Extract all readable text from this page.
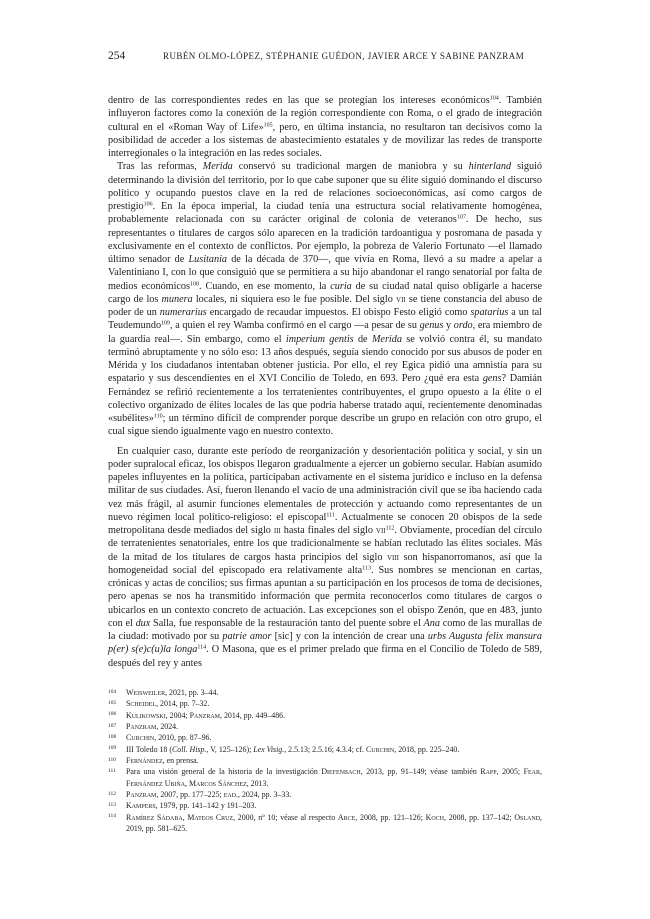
254	RUBÉN OLMO-LÓPEZ, STÉPHANIE GUÉDON, JAVIER ARCE Y SABINE PANZRAM

dentro de las correspondientes redes en las que se protegían los intereses económicos$^{104}$. También influyeron factores como la conexión de la región correspondiente con Roma, o el grado de integración cultural en el «Roman Way of Life»$^{105}$, pero, en última instancia, no resultaron tan decisivos como la posibilidad de acceder a los sistemas de abastecimiento estatales y de movilizar las redes de transporte interregionales o la integración en las redes sociales.

Tras las reformas, Merida conservó su tradicional margen de maniobra y su hinterland siguió determinando la división del territorio, por lo que cabe suponer que su élite siguió dominando el discurso político y ocupando puestos clave en la red de relaciones socioeconómicas, así como cargos de prestigio$^{106}$. En la época imperial, la ciudad tenía una estructura social relativamente homogénea, probablemente relacionada con su carácter original de colonia de veteranos$^{107}$. De hecho, sus representantes o titulares de cargos sólo aparecen en la tradición tardoantigua y posromana de pasada y exclusivamente en el contexto de conflictos. Por ejemplo, la pobreza de Valerio Fortunato —el llamado último senador de Lusitania de la década de 370—, que vivía en Roma, llevó a su madre a apelar a Valentiniano I, con lo que consiguió que se permitiera a su hijo abandonar el rango senatorial por falta de medios económicos$^{108}$. Cuando, en ese momento, la curia de su ciudad natal quiso obligarle a hacerse cargo de los munera locales, ni siquiera eso le fue posible. Del siglo vii se tiene constancia del abuso de poder de un numerarius encargado de recaudar impuestos. El obispo Festo eligió como spatarius a un tal Teudemundo$^{109}$, a quien el rey Wamba confirmó en el cargo —a pesar de su genus y ordo, era miembro de la guardia real—. Sin embargo, como el imperium gentis de Merida se volvió contra él, su mandato terminó abruptamente y no sólo eso: 13 años después, seguía siendo conocido por sus abusos de poder en Mérida y los ciudadanos intentaban obtener justicia. Por ello, el rey Egica pidió una amnistía para su espatario y sus descendientes en el XVI Concilio de Toledo, en 693. Pero ¿qué era esta gens? Damián Fernández se refirió recientemente a los terratenientes contribuyentes, el grupo opuesto a la élite o el colectivo organizado de élites locales de las que podría haberse tratado aquí, recientemente denominadas «subélites»$^{110}$; un término difícil de comprender porque describe un grupo en relación con otro grupo, el cual sigue siendo igualmente vago en nuestro contexto.

En cualquier caso, durante este período de reorganización y desorientación política y social, y sin un poder supralocal eficaz, los obispos llegaron gradualmente a ejercer un gobierno secular. Habían asumido papeles influyentes en la política, participaban activamente en el sistema jurídico e incluso en la defensa militar de sus ciudades. Así, fueron llenando el vacío de una administración civil que se iba haciendo cada vez más frágil, al asumir funciones elementales de protección y actuando como representantes de un nuevo régimen local político-religioso: el episcopal$^{111}$. Actualmente se conocen 20 obispos de la sede metropolitana desde mediados del siglo iii hasta finales del siglo vii$^{112}$. Obviamente, procedían del círculo de terratenientes senatoriales, entre los que tradicionalmente se habían reclutado las élites sociales. Más de la mitad de los titulares de cargos hasta principios del siglo viii son hispanorromanos, así que la homogeneidad social del episcopado era relativamente alta$^{113}$. Sus nombres se mencionan en cartas, crónicas y actas de concilios; sus firmas apuntan a su participación en los procesos de toma de decisiones, pero apenas se nos ha transmitido información que permita reconocerlos como titulares de cargos o ubicarlos en un contexto concreto de actuación. Las excepciones son el obispo Zenón, que en 483, junto con el dux Salla, fue responsable de la restauración tanto del puente sobre el Ana como de las murallas de la ciudad: motivado por su patrie amor [sic] y con la intención de crear una urbs Augusta felix mansura p(er) s(e)c(u)la longa$^{114}$. O Masona, que es el primer prelado que firma en el Concilio de Toledo de 589, después del rey y antes

104 Weisweiler, 2021, pp. 3–44.
105 Scheidel, 2014, pp. 7–32.
106 Kulikowski, 2004; Panzram, 2014, pp. 449–486.
107 Panzram, 2024.
108 Curchin, 2010, pp. 87–96.
109 III Toledo 18 (Coll. Hisp., V, 125–126); Lex Visig., 2.5.13; 2.5.16; 4.3.4; cf. Curchin, 2018, pp. 225–240.
110 Fernández, en prensa.
111 Para una visión general de la historia de la investigación Diefenbach, 2013, pp. 91–149; véase también Rapp, 2005; Fear, Fernández Ubiña, Marcos Sánchez, 2013.
112 Panzram, 2007, pp. 177–225; ead., 2024, pp. 3–33.
113 Kampers, 1979, pp. 141–142 y 191–203.
114 Ramírez Sádaba, Mateos Cruz, 2000, nº 10; véase al respecto Arce, 2008, pp. 121–126; Koch, 2008, pp. 137–142; Osland, 2019, pp. 581–625.
